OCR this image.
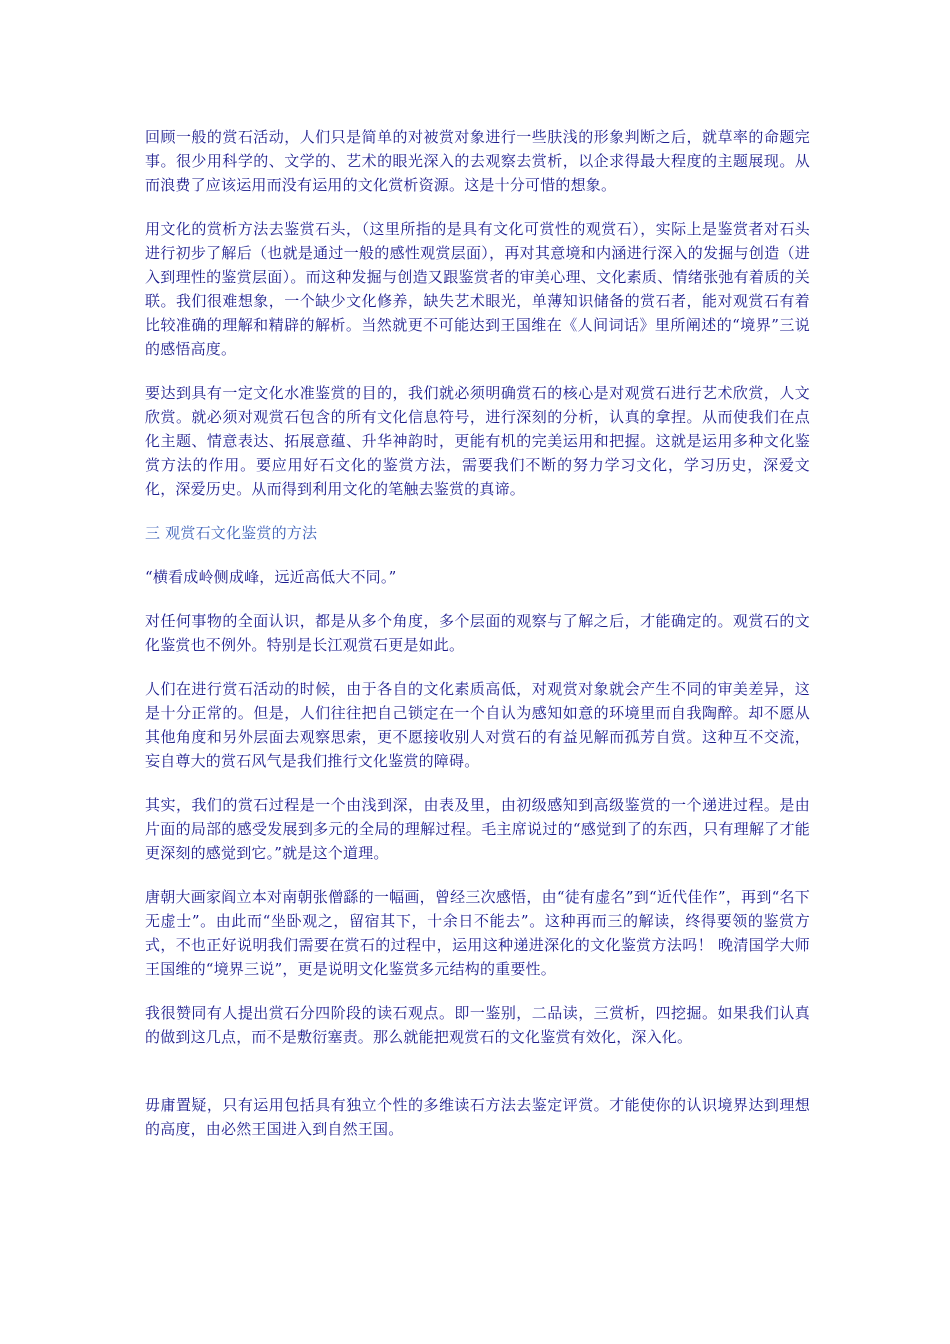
回顾一般的赏石活动，人们只是简单的对被赏对象进行一些肤浅的形象判断之后，就草率的命题完事。很少用科学的、文学的、艺术的眼光深入的去观察去赏析，以企求得最大程度的主题展现。从而浪费了应该运用而没有运用的文化赏析资源。这是十分可惜的想象。

用文化的赏析方法去鉴赏石头，（这里所指的是具有文化可赏性的观赏石），实际上是鉴赏者对石头进行初步了解后（也就是通过一般的感性观赏层面），再对其意境和内涵进行深入的发掘与创造（进入到理性的鉴赏层面）。而这种发掘与创造又跟鉴赏者的审美心理、文化素质、情绪张弛有着质的关联。我们很难想象，一个缺少文化修养，缺失艺术眼光，单薄知识储备的赏石者，能对观赏石有着比较准确的理解和精辟的解析。当然就更不可能达到王国维在《人间词话》里所阐述的“境界”三说的感悟高度。

要达到具有一定文化水准鉴赏的目的，我们就必须明确赏石的核心是对观赏石进行艺术欣赏，人文欣赏。就必须对观赏石包含的所有文化信息符号，进行深刻的分析，认真的拿捏。从而使我们在点化主题、情意表达、拓展意蕴、升华神韵时，更能有机的完美运用和把握。这就是运用多种文化鉴赏方法的作用。要应用好石文化的鉴赏方法，需要我们不断的努力学习文化，学习历史，深爱文化，深爱历史。从而得到利用文化的笔触去鉴赏的真谛。

三 观赏石文化鉴赏的方法

“横看成岭侧成峰，远近高低大不同。”

对任何事物的全面认识，都是从多个角度，多个层面的观察与了解之后，才能确定的。观赏石的文化鉴赏也不例外。特别是长江观赏石更是如此。

人们在进行赏石活动的时候，由于各自的文化素质高低，对观赏对象就会产生不同的审美差异，这是十分正常的。但是，人们往往把自己锁定在一个自认为感知如意的环境里而自我陶醉。却不愿从其他角度和另外层面去观察思索，更不愿接收别人对赏石的有益见解而孤芳自赏。这种互不交流，妄自尊大的赏石风气是我们推行文化鉴赏的障碍。

其实，我们的赏石过程是一个由浅到深，由表及里，由初级感知到高级鉴赏的一个递进过程。是由片面的局部的感受发展到多元的全局的理解过程。毛主席说过的“感觉到了的东西，只有理解了才能更深刻的感觉到它。”就是这个道理。

唐朝大画家阎立本对南朝张僧繇的一幅画，曾经三次感悟，由“徒有虚名”到“近代佳作”，再到“名下无虚士”。由此而“坐卧观之，留宿其下，十余日不能去”。这种再而三的解读，终得要领的鉴赏方式，不也正好说明我们需要在赏石的过程中，运用这种递进深化的文化鉴赏方法吗！ 晚清国学大师王国维的“境界三说”，更是说明文化鉴赏多元结构的重要性。

我很赞同有人提出赏石分四阶段的读石观点。即一鉴别，二品读，三赏析，四挖掘。如果我们认真的做到这几点，而不是敷衍塞责。那么就能把观赏石的文化鉴赏有效化，深入化。

毋庸置疑，只有运用包括具有独立个性的多维读石方法去鉴定评赏。才能使你的认识境界达到理想的高度，由必然王国进入到自然王国。
